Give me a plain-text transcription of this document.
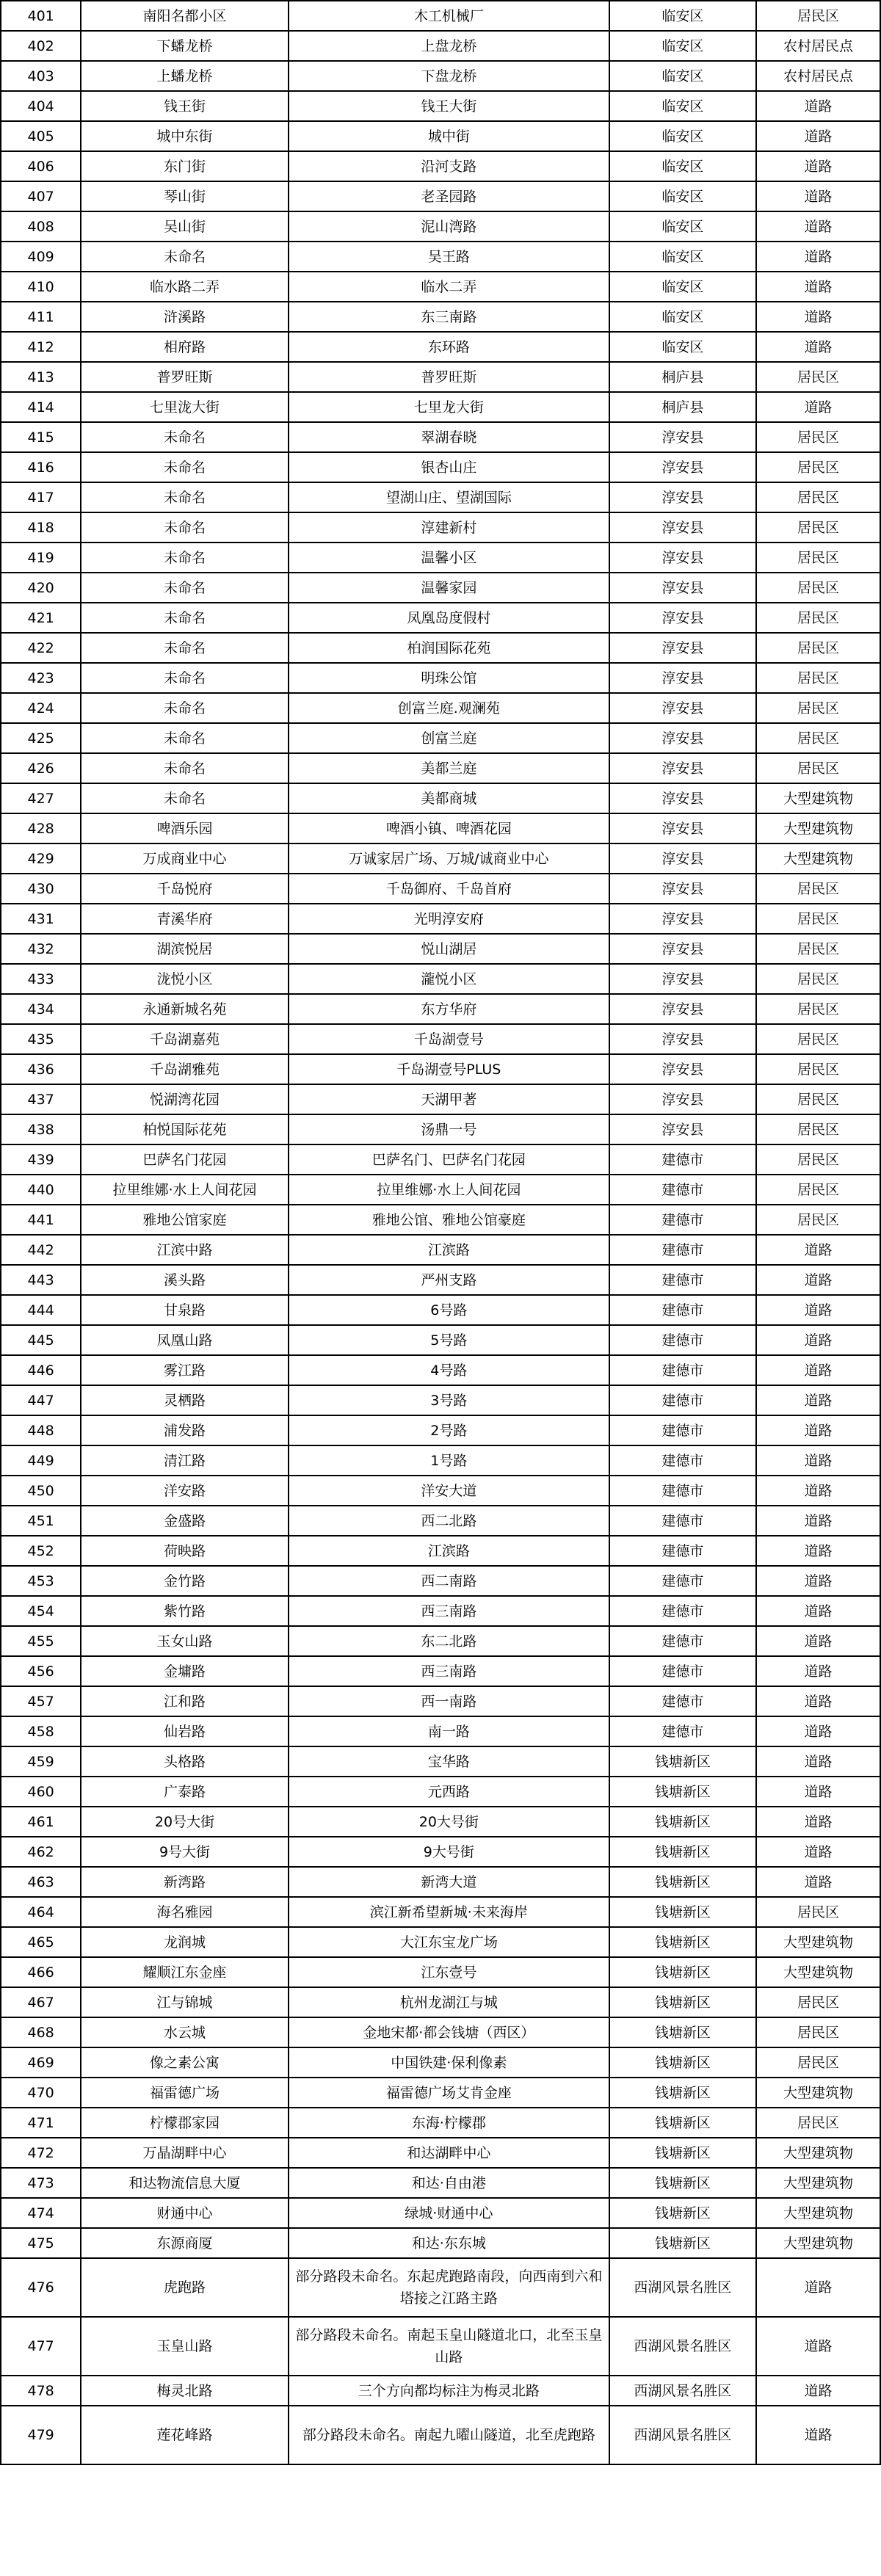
401	南阳名都小区	木工机械厂	临安区	居民区
402	下蟠龙桥	上盘龙桥	临安区	农村居民点
403	上蟠龙桥	下盘龙桥	临安区	农村居民点
404	钱王街	钱王大街	临安区	道路
405	城中东街	城中街	临安区	道路
406	东门街	沿河支路	临安区	道路
407	琴山街	老圣园路	临安区	道路
408	吴山街	泥山湾路	临安区	道路
409	未命名	吴王路	临安区	道路
410	临水路二弄	临水二弄	临安区	道路
411	浒溪路	东三南路	临安区	道路
412	相府路	东环路	临安区	道路
413	普罗旺斯	普罗旺斯	桐庐县	居民区
414	七里泷大街	七里龙大街	桐庐县	道路
415	未命名	翠湖春晓	淳安县	居民区
416	未命名	银杏山庄	淳安县	居民区
417	未命名	望湖山庄、望湖国际	淳安县	居民区
418	未命名	淳建新村	淳安县	居民区
419	未命名	温馨小区	淳安县	居民区
420	未命名	温馨家园	淳安县	居民区
421	未命名	凤凰岛度假村	淳安县	居民区
422	未命名	柏润国际花苑	淳安县	居民区
423	未命名	明珠公馆	淳安县	居民区
424	未命名	创富兰庭.观澜苑	淳安县	居民区
425	未命名	创富兰庭	淳安县	居民区
426	未命名	美都兰庭	淳安县	居民区
427	未命名	美都商城	淳安县	大型建筑物
428	啤酒乐园	啤酒小镇、啤酒花园	淳安县	大型建筑物
429	万成商业中心	万诚家居广场、万城/诚商业中心	淳安县	大型建筑物
430	千岛悦府	千岛御府、千岛首府	淳安县	居民区
431	青溪华府	光明淳安府	淳安县	居民区
432	湖滨悦居	悦山湖居	淳安县	居民区
433	泷悦小区	瀧悦小区	淳安县	居民区
434	永通新城名苑	东方华府	淳安县	居民区
435	千岛湖嘉苑	千岛湖壹号	淳安县	居民区
436	千岛湖雅苑	千岛湖壹号PLUS	淳安县	居民区
437	悦湖湾花园	天湖甲著	淳安县	居民区
438	柏悦国际花苑	汤鼎一号	淳安县	居民区
439	巴萨名门花园	巴萨名门、巴萨名门花园	建德市	居民区
440	拉里维娜·水上人间花园	拉里维娜·水上人间花园	建德市	居民区
441	雅地公馆家庭	雅地公馆、雅地公馆豪庭	建德市	居民区
442	江滨中路	江滨路	建德市	道路
443	溪头路	严州支路	建德市	道路
444	甘泉路	6号路	建德市	道路
445	凤凰山路	5号路	建德市	道路
446	雾江路	4号路	建德市	道路
447	灵栖路	3号路	建德市	道路
448	浦发路	2号路	建德市	道路
449	清江路	1号路	建德市	道路
450	洋安路	洋安大道	建德市	道路
451	金盛路	西二北路	建德市	道路
452	荷映路	江滨路	建德市	道路
453	金竹路	西二南路	建德市	道路
454	紫竹路	西三南路	建德市	道路
455	玉女山路	东二北路	建德市	道路
456	金墉路	西三南路	建德市	道路
457	江和路	西一南路	建德市	道路
458	仙岩路	南一路	建德市	道路
459	头格路	宝华路	钱塘新区	道路
460	广泰路	元西路	钱塘新区	道路
461	20号大街	20大号街	钱塘新区	道路
462	9号大街	9大号街	钱塘新区	道路
463	新湾路	新湾大道	钱塘新区	道路
464	海名雅园	滨江新希望新城·未来海岸	钱塘新区	居民区
465	龙润城	大江东宝龙广场	钱塘新区	大型建筑物
466	耀顺江东金座	江东壹号	钱塘新区	大型建筑物
467	江与锦城	杭州龙湖江与城	钱塘新区	居民区
468	水云城	金地宋都·都会钱塘（西区）	钱塘新区	居民区
469	像之素公寓	中国铁建·保利像素	钱塘新区	居民区
470	福雷德广场	福雷德广场艾肯金座	钱塘新区	大型建筑物
471	柠檬郡家园	东海·柠檬郡	钱塘新区	居民区
472	万晶湖畔中心	和达湖畔中心	钱塘新区	大型建筑物
473	和达物流信息大厦	和达·自由港	钱塘新区	大型建筑物
474	财通中心	绿城·财通中心	钱塘新区	大型建筑物
475	东源商厦	和达·东东城	钱塘新区	大型建筑物
476	虎跑路	部分路段未命名。东起虎跑路南段，向西南到六和塔接之江路主路	西湖风景名胜区	道路
477	玉皇山路	部分路段未命名。南起玉皇山隧道北口，北至玉皇山路	西湖风景名胜区	道路
478	梅灵北路	三个方向都均标注为梅灵北路	西湖风景名胜区	道路
479	莲花峰路	部分路段未命名。南起九曜山隧道，北至虎跑路	西湖风景名胜区	道路
